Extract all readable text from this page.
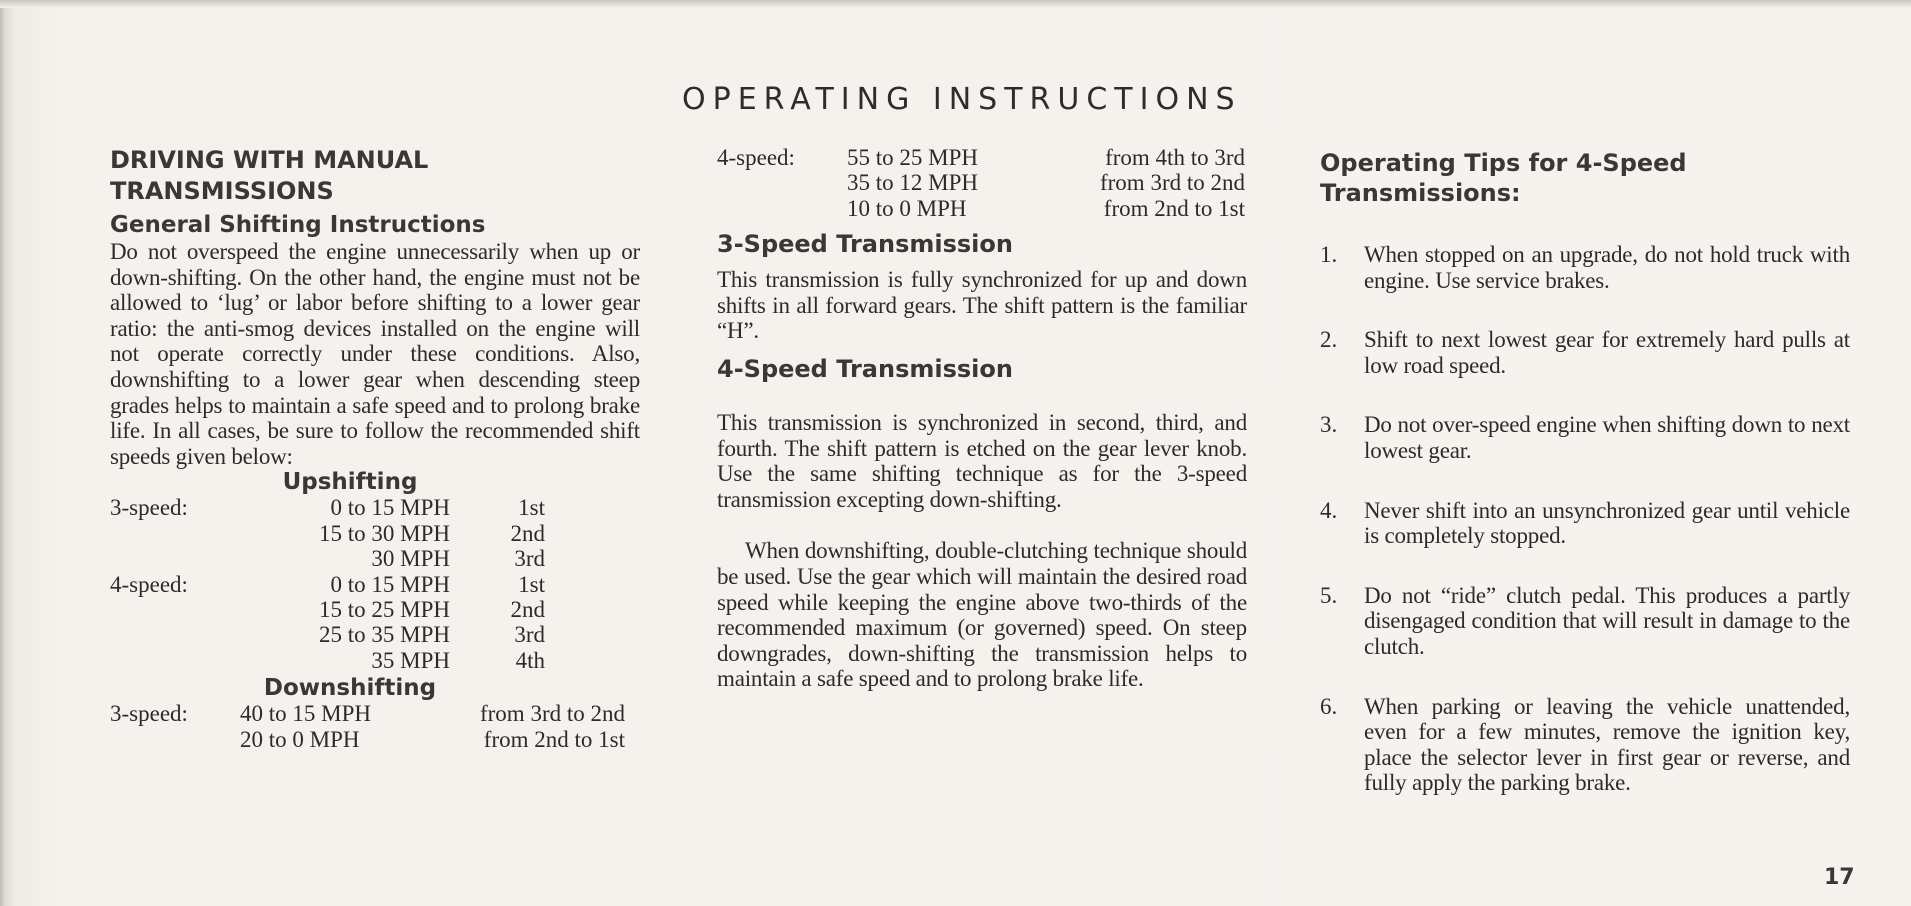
OPERATING INSTRUCTIONS
DRIVING WITH MANUAL
TRANSMISSIONS
General Shifting Instructions

Do not overspeed the engine unnecessarily when up or down-shifting. On the other hand, the engine must not be allowed to ‘lug’ or labor before shifting to a lower gear ratio: the anti-smog devices installed on the engine will not operate correctly under these conditions. Also, downshifting to a lower gear when descending steep grades helps to maintain a safe speed and to prolong brake life. In all cases, be sure to follow the recommended shift speeds given below:

Upshifting
3-speed:	0 to 15 MPH	1st
	15 to 30 MPH	2nd
	30 MPH	3rd
4-speed:	0 to 15 MPH	1st
	15 to 25 MPH	2nd
	25 to 35 MPH	3rd
	35 MPH	4th
Downshifting
3-speed:	40 to 15 MPH	from 3rd to 2nd
	20 to 0 MPH	from 2nd to 1st
4-speed:	55 to 25 MPH	from 4th to 3rd
	35 to 12 MPH	from 3rd to 2nd
	10 to 0 MPH	from 2nd to 1st
3-Speed Transmission

This transmission is fully synchronized for up and down shifts in all forward gears. The shift pattern is the familiar “H”.

4-Speed Transmission

This transmission is synchronized in second, third, and fourth. The shift pattern is etched on the gear lever knob. Use the same shifting technique as for the 3-speed transmission excepting down-shifting.

When downshifting, double-clutching technique should be used. Use the gear which will maintain the desired road speed while keeping the engine above two-thirds of the recommended maximum (or governed) speed. On steep downgrades, down-shifting the transmission helps to maintain a safe speed and to prolong brake life.

Operating Tips for 4-Speed
Transmissions:
1.	When stopped on an upgrade, do not hold truck with engine. Use service brakes.
2.	Shift to next lowest gear for extremely hard pulls at low road speed.
3.	Do not over-speed engine when shifting down to next lowest gear.
4.	Never shift into an unsynchronized gear until vehicle is completely stopped.
5.	Do not “ride” clutch pedal. This produces a partly disengaged condition that will result in damage to the clutch.
6.	When parking or leaving the vehicle unattended, even for a few minutes, remove the ignition key, place the selector lever in first gear or reverse, and fully apply the parking brake.
17
